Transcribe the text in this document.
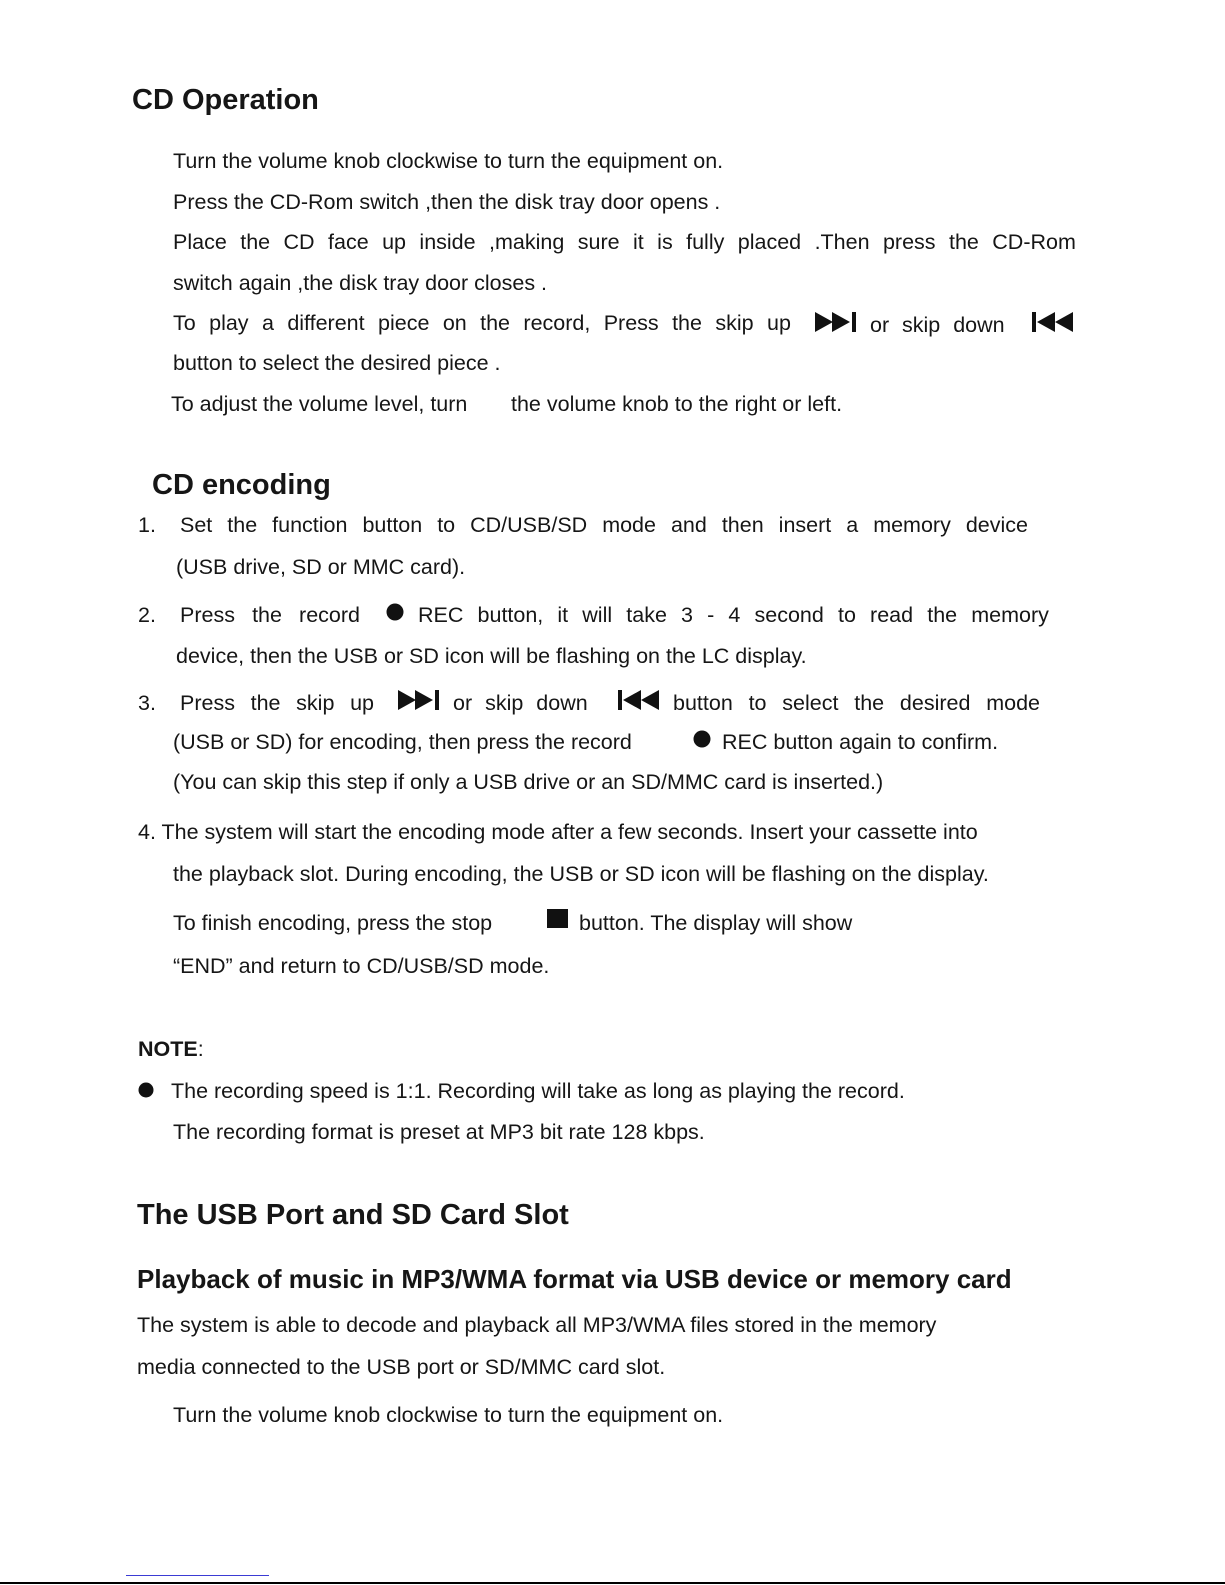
CD Operation
Turn the volume knob clockwise to turn the equipment on.
Press the CD-Rom switch ,then the disk tray door opens .
Place the CD face up inside ,making sure it is fully placed .Then press the CD-Rom
switch again ,the disk tray door closes .
To play a different piece on the record, Press the skip up	or skip down
button to select the desired piece .
To adjust the volume level, turn the volume knob to the right or left.
CD encoding
1. Set the function button to CD/USB/SD mode and then insert a memory device
(USB drive, SD or MMC card).
2. Press the record	REC button, it will take 3 - 4 second to read the memory
device, then the USB or SD icon will be flashing on the LC display.
3. Press the skip up	or skip down	button to select the desired mode
(USB or SD) for encoding, then press the record	REC button again to confirm.
(You can skip this step if only a USB drive or an SD/MMC card is inserted.)
4. The system will start the encoding mode after a few seconds. Insert your cassette into
the playback slot. During encoding, the USB or SD icon will be flashing on the display.
To finish encoding, press the stop	button. The display will show
“END” and return to CD/USB/SD mode.
NOTE:
The recording speed is 1:1. Recording will take as long as playing the record.
The recording format is preset at MP3 bit rate 128 kbps.
The USB Port and SD Card Slot
Playback of music in MP3/WMA format via USB device or memory card
The system is able to decode and playback all MP3/WMA files stored in the memory
media connected to the USB port or SD/MMC card slot.
Turn the volume knob clockwise to turn the equipment on.
